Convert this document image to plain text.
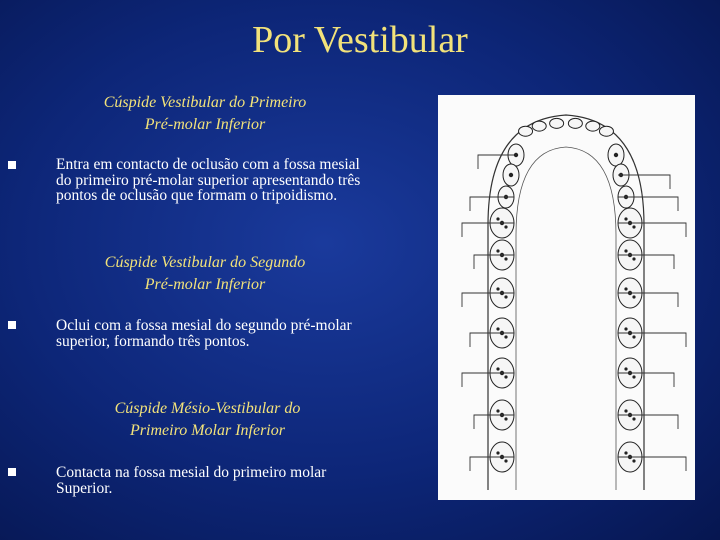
Por Vestibular
Cúspide Vestibular do Primeiro
Pré-molar Inferior
Entra em contacto de oclusão com a fossa mesial do primeiro pré-molar superior apresentando três pontos de oclusão que formam o tripoidismo.
Cúspide Vestibular do Segundo
Pré-molar Inferior
Oclui com a fossa mesial do segundo pré-molar superior, formando três pontos.
Cúspide Mésio-Vestibular do
Primeiro Molar Inferior
Contacta na fossa mesial do primeiro molar Superior.
